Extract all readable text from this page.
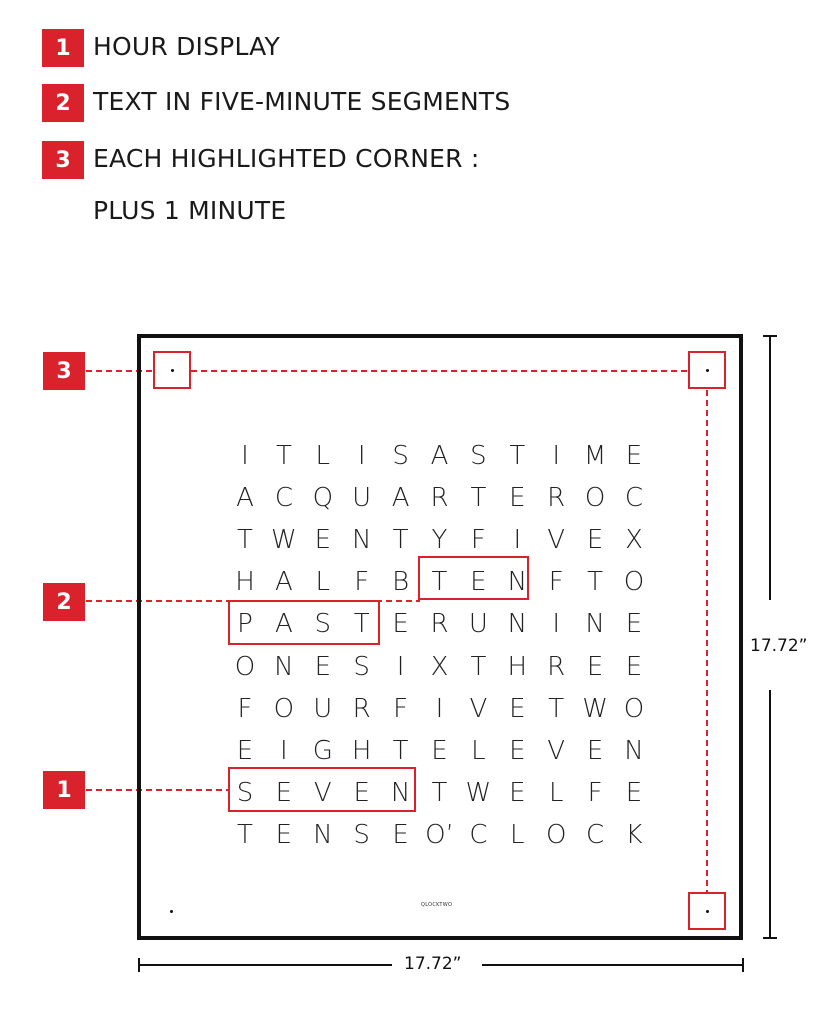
1 HOUR DISPLAY
2 TEXT IN FIVE-MINUTE SEGMENTS
3 EACH HIGHLIGHTED CORNER :
PLUS 1 MINUTE
I	T L	I	S A S T	I M E
A C Q U A R T E R O C
T W E N T Y F	I	V E X
H A L F B T E N F T O
P A S T E R U N I N E
O N E S	I	X T H R E E
F O U R F	I	V E T W O
E	I G H T E L E V E N
S E V E N T W E L F E
T E N S E O’ C L O C K
QLOCKTWO
3
2
1
17.72”
17.72”
